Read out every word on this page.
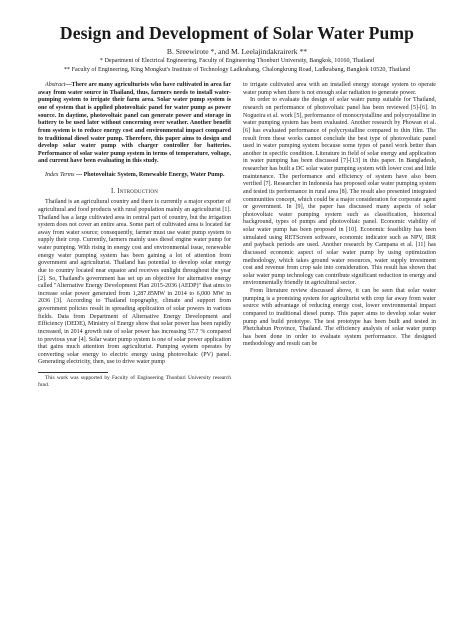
Design and Development of Solar Water Pump

B. Sreewirote *, and M. Leelajindakrairerk **

* Department of Electrical Engineering, Faculty of Engineering Thonburi University, Bangkok, 10160, Thailand

** Faculty of Engineering, King Mongkut's Institute of Technology Ladkrabang, Chalongkrung Road, Ladkrabang, Bangkok 10520, Thailand

Abstract—There are many agriculturists who have cultivated in area far away from water source in Thailand, thus, farmers needs to install water-pumping system to irrigate their farm area. Solar water pump system is one of system that is applied photovoltaic panel for water pump as power source. In daytime, photovoltaic panel can generate power and storage in battery to be used later without concerning over weather. Another benefit from system is to reduce energy cost and environmental impact compared to traditional diesel water pump. Therefore, this paper aims to design and develop solar water pump with charger controller for batteries. Performance of solar water pump system in terms of temperature, voltage, and current have been evaluating in this study.

Index Terms — Photovoltaic System, Renewable Energy, Water Pump.

I. Introduction

Thailand is an agricultural country and there is currently a major exporter of agricultural and food products with rural population mainly an agriculturist [1]. Thailand has a large cultivated area in central part of country, but the irrigation system does not cover an entire area. Some part of cultivated area is located far away from water source; consequently, farmer must use water pump system to supply their crop. Currently, farmers mainly uses diesel engine water pump for water pumping. With rising in energy cost and environmental issue, renewable energy water pumping system has been gaining a lot of attention from government and agriculturist. Thailand has potential to develop solar energy due to country located near equator and receives sunlight throughout the year [2]. So, Thailand's government has set up an objective for alternative energy called "Alternative Energy Development Plan 2015-2036 (AEDP)" that aims to increase solar power generated from 1,287.85MW in 2014 to 6,000 MW in 2036 [3]. According to Thailand topography, climate and support from government policies result in spreading application of solar powers in various fields. Data from Department of Alternative Energy Development and Efficiency (DEDE), Ministry of Energy show that solar power has been rapidly increased, in 2014 growth rate of solar power has increasing 57.7 % compared to previous year [4]. Solar water pump system is one of solar power application that gains much attention from agriculturist. Pumping system operates by converting solar energy to electric energy using photovoltaic (PV) panel. Generating electricity, then, use to drive water pump

This work was supported by Faculty of Engineering Thonburi University research fund.

to irrigate cultivated area with an installed energy storage system to operate water pump when there is not enough solar radiation to generate power.

In order to evaluate the design of solar water pump suitable for Thailand, research on performance of photovoltaic panel has been reviewed [5]-[6]. In Nogueira et al. work [5], performance of monocrystalline and polycrystalline in water pumping system has been evaluated. Another research by Phowan et al. [6] has evaluated performance of polycrystalline compared to thin film. The result from these works cannot conclude the best type of photovoltaic panel used in water pumping system because some types of panel work better than another in specific condition. Literature in field of solar energy and application in water pumping has been discussed [7]-[13] in this paper. In Bangladesh, researcher has built a DC solar water pumping system with lower cost and little maintenance. The performance and efficiency of system have also been verified [7]. Researcher in Indonesia has proposed solar water pumping system and tested its performance in rural area [8]. The result also presented integrated communities concept, which could be a major consideration for corporate agent or government. In [9], the paper has discussed many aspects of solar photovoltaic water pumping system such as classification, historical background, types of pumps and photovoltaic panel. Economic viability of solar water pump has been proposed in [10]. Economic feasibility has been simulated using RETScreen software, economic indicator such as NPV, IRR and payback periods are used. Another research by Campana et al. [11] has discussed economic aspect of solar water pump by using optimization methodology, which takes ground water resources, water supply investment cost and revenue from crop sale into consideration. This result has shown that solar water pump technology can contribute significant reduction in energy and environmentally friendly in agricultural sector.

From literature review discussed above, it can be seen that solar water pumping is a promising system for agriculturist with crop far away from water source with advantage of reducing energy cost, lower environmental impact compared to traditional diesel pump. This paper aims to develop solar water pump and build prototype. The test prototype has been built and tested in Phetchabun Province, Thailand. The efficiency analysis of solar water pump has been done in order to evaluate system performance. The designed methodology and result can be
